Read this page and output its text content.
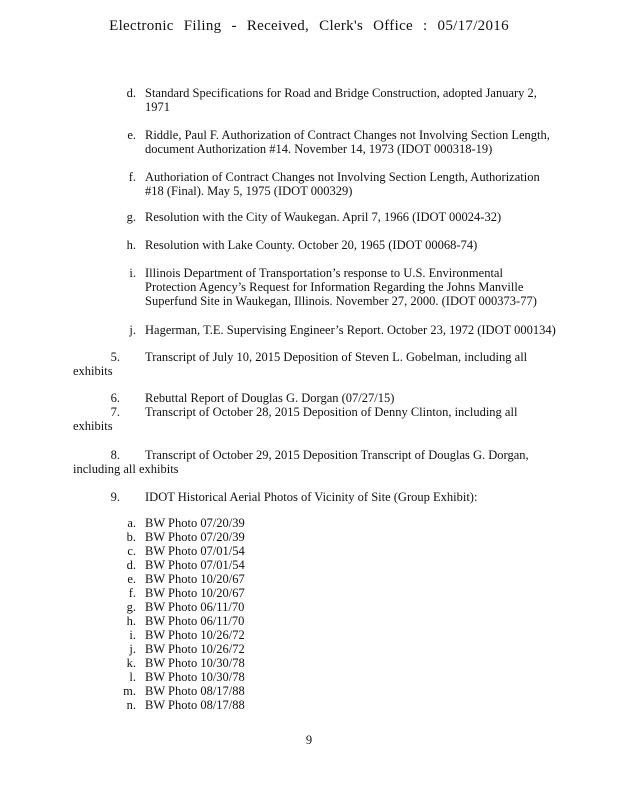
Electronic Filing - Received, Clerk's Office : 05/17/2016
d. Standard Specifications for Road and Bridge Construction, adopted January 2,
1971
e. Riddle, Paul F. Authorization of Contract Changes not Involving Section Length,
document Authorization #14. November 14, 1973 (IDOT 000318-19)
f. Authoriation of Contract Changes not Involving Section Length, Authorization
#18 (Final). May 5, 1975 (IDOT 000329)
g. Resolution with the City of Waukegan. April 7, 1966 (IDOT 00024-32)
h. Resolution with Lake County. October 20, 1965 (IDOT 00068-74)
i. Illinois Department of Transportation’s response to U.S. Environmental
Protection Agency’s Request for Information Regarding the Johns Manville
Superfund Site in Waukegan, Illinois. November 27, 2000. (IDOT 000373-77)
j. Hagerman, T.E. Supervising Engineer’s Report. October 23, 1972 (IDOT 000134)
5.	Transcript of July 10, 2015 Deposition of Steven L. Gobelman, including all
exhibits
6.	Rebuttal Report of Douglas G. Dorgan (07/27/15)
7.	Transcript of October 28, 2015 Deposition of Denny Clinton, including all
exhibits
8.	Transcript of October 29, 2015 Deposition Transcript of Douglas G. Dorgan,
including all exhibits
9.	IDOT Historical Aerial Photos of Vicinity of Site (Group Exhibit):
a. BW Photo 07/20/39
b. BW Photo 07/20/39
c. BW Photo 07/01/54
d. BW Photo 07/01/54
e. BW Photo 10/20/67
f. BW Photo 10/20/67
g. BW Photo 06/11/70
h. BW Photo 06/11/70
i. BW Photo 10/26/72
j. BW Photo 10/26/72
k. BW Photo 10/30/78
l. BW Photo 10/30/78
m. BW Photo 08/17/88
n. BW Photo 08/17/88
9
